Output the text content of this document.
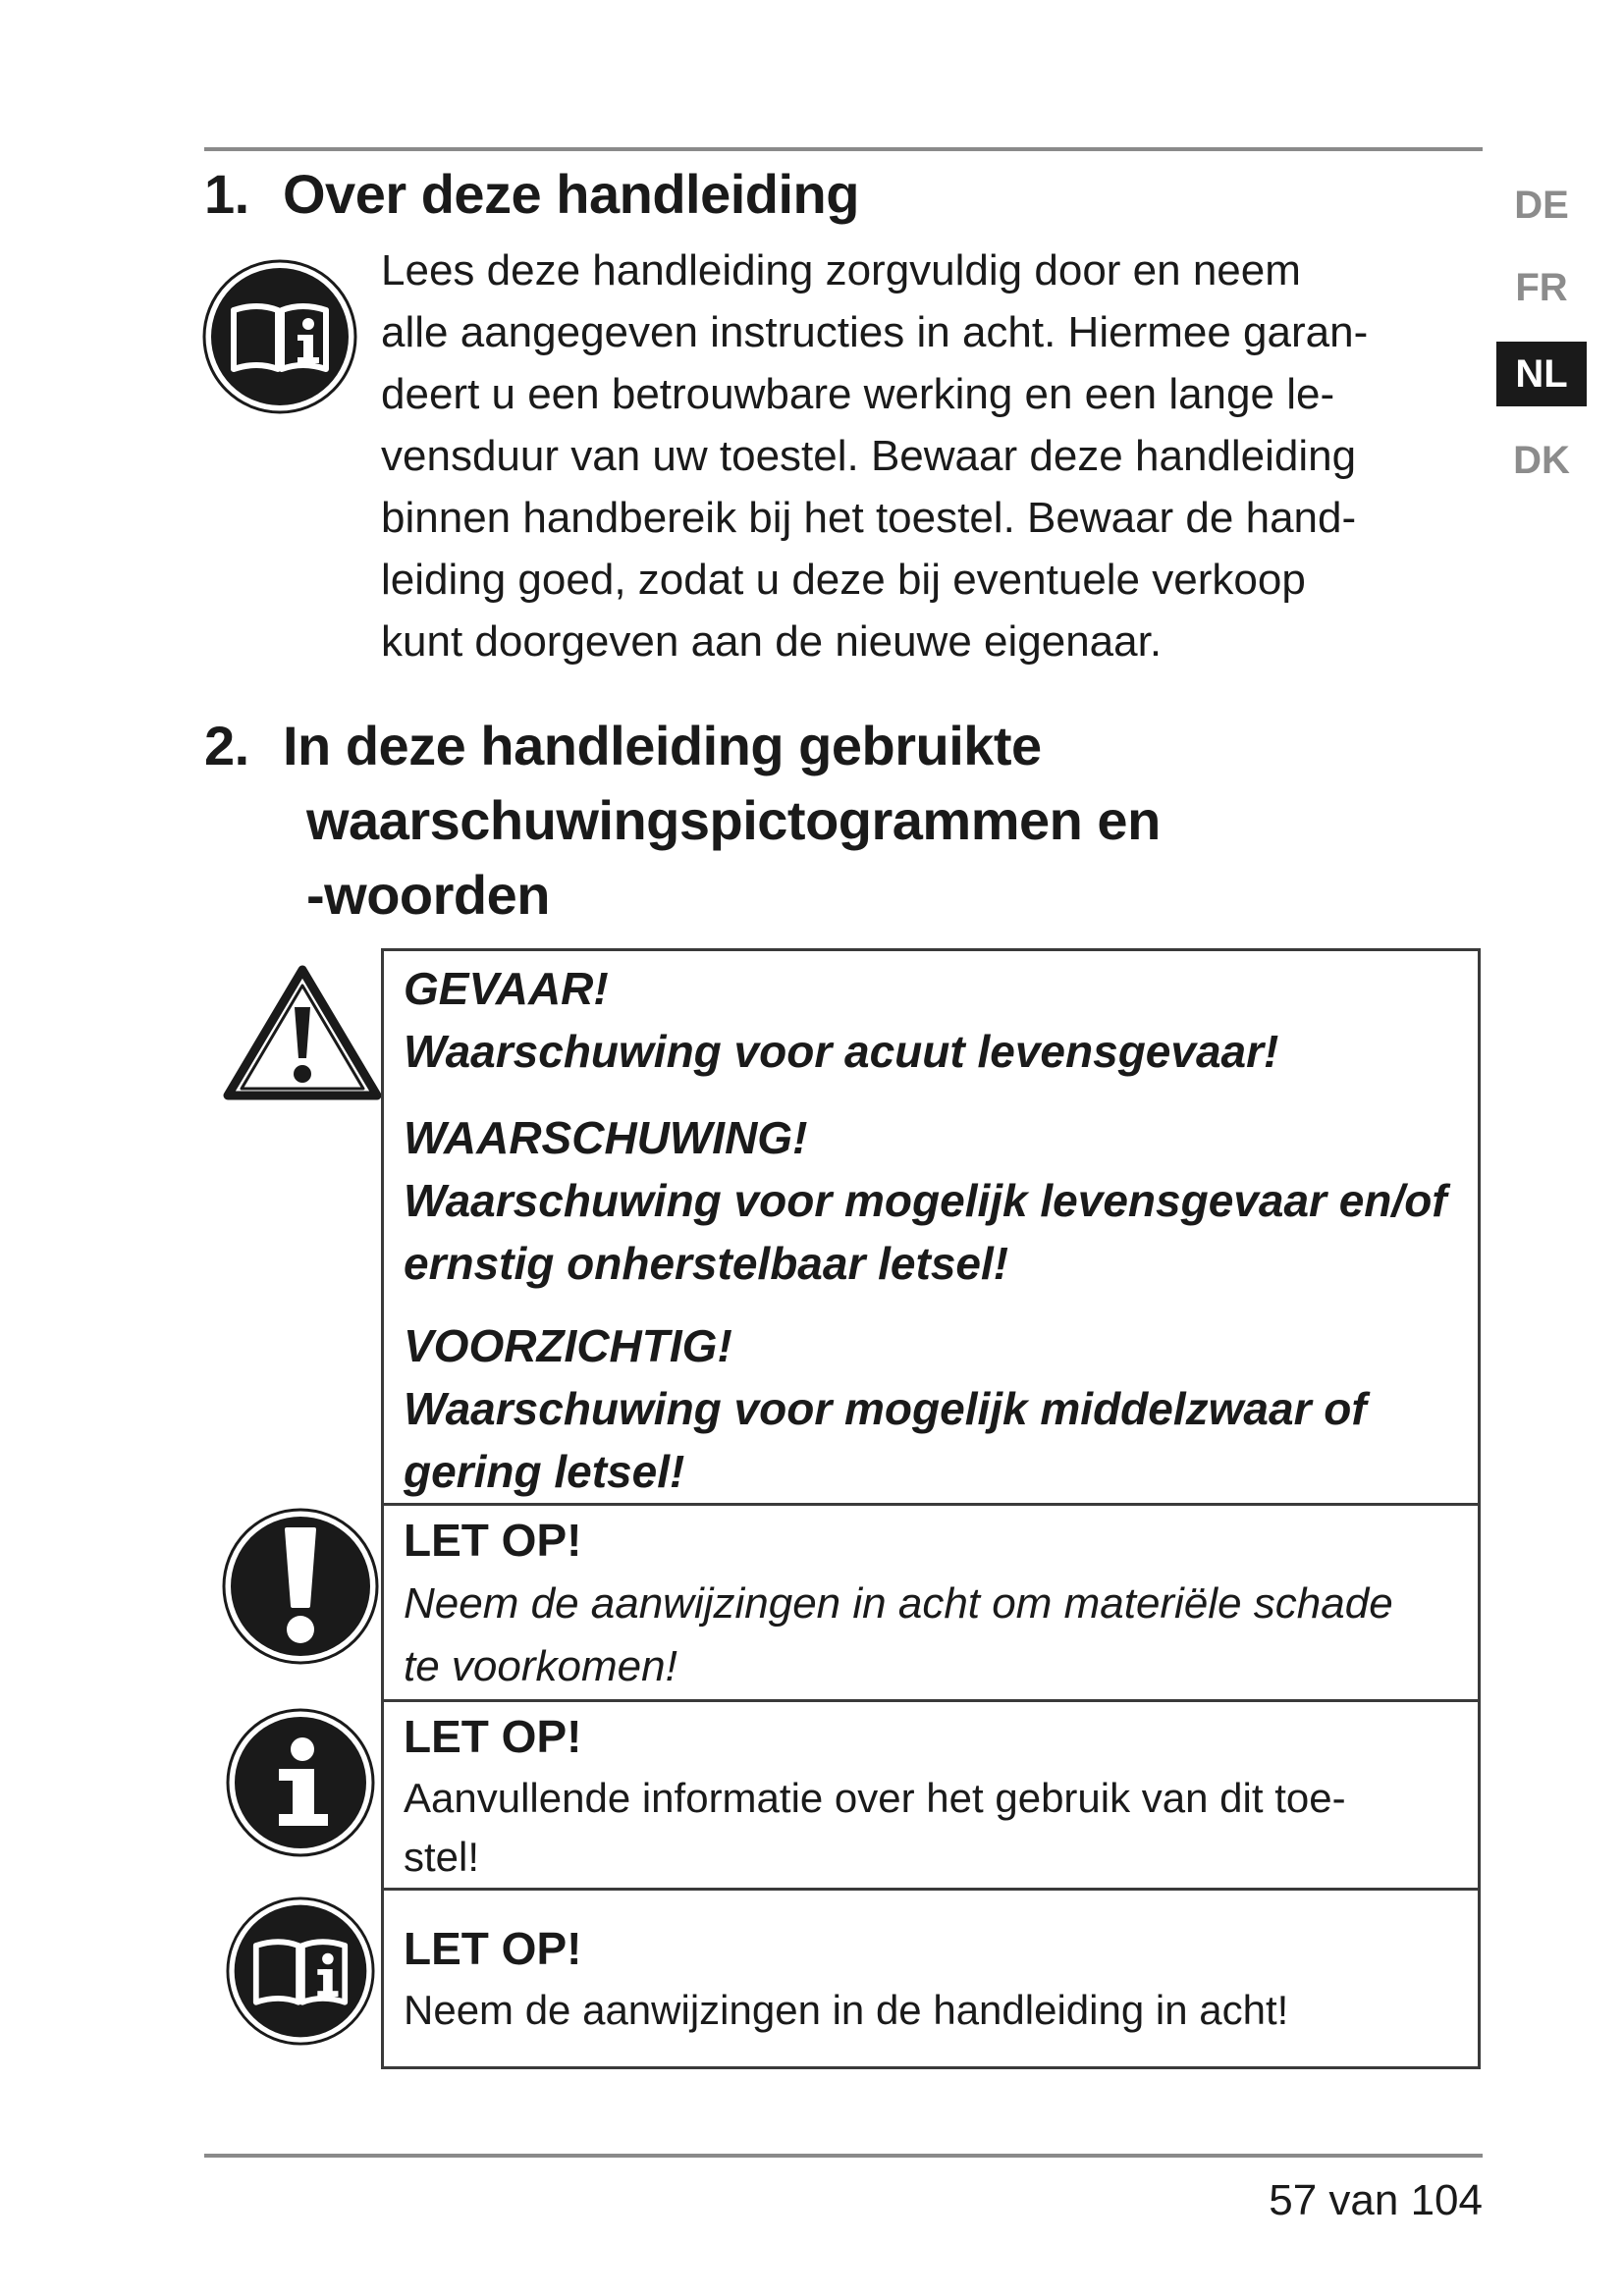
1. Over deze handleiding	DE
FR
NL
DK
Lees deze handleiding zorgvuldig door en neem
alle aangegeven instructies in acht. Hiermee garan-
deert u een betrouwbare werking en een lange le-
vensduur van uw toestel. Bewaar deze handleiding
binnen handbereik bij het toestel. Bewaar de hand-
leiding goed, zodat u deze bij eventuele verkoop
kunt doorgeven aan de nieuwe eigenaar.
2. In deze handleiding gebruikte
waarschuwingspictogrammen en
-woorden
GEVAAR!
Waarschuwing voor acuut levensgevaar!
WAARSCHUWING!
Waarschuwing voor mogelijk levensgevaar en/of
ernstig onherstelbaar letsel!
VOORZICHTIG!
Waarschuwing voor mogelijk middelzwaar of
gering letsel!
LET OP!
Neem de aanwijzingen in acht om materiële schade
te voorkomen!
LET OP!
Aanvullende informatie over het gebruik van dit toe-
stel!
LET OP!
Neem de aanwijzingen in de handleiding in acht!
57 van 104
